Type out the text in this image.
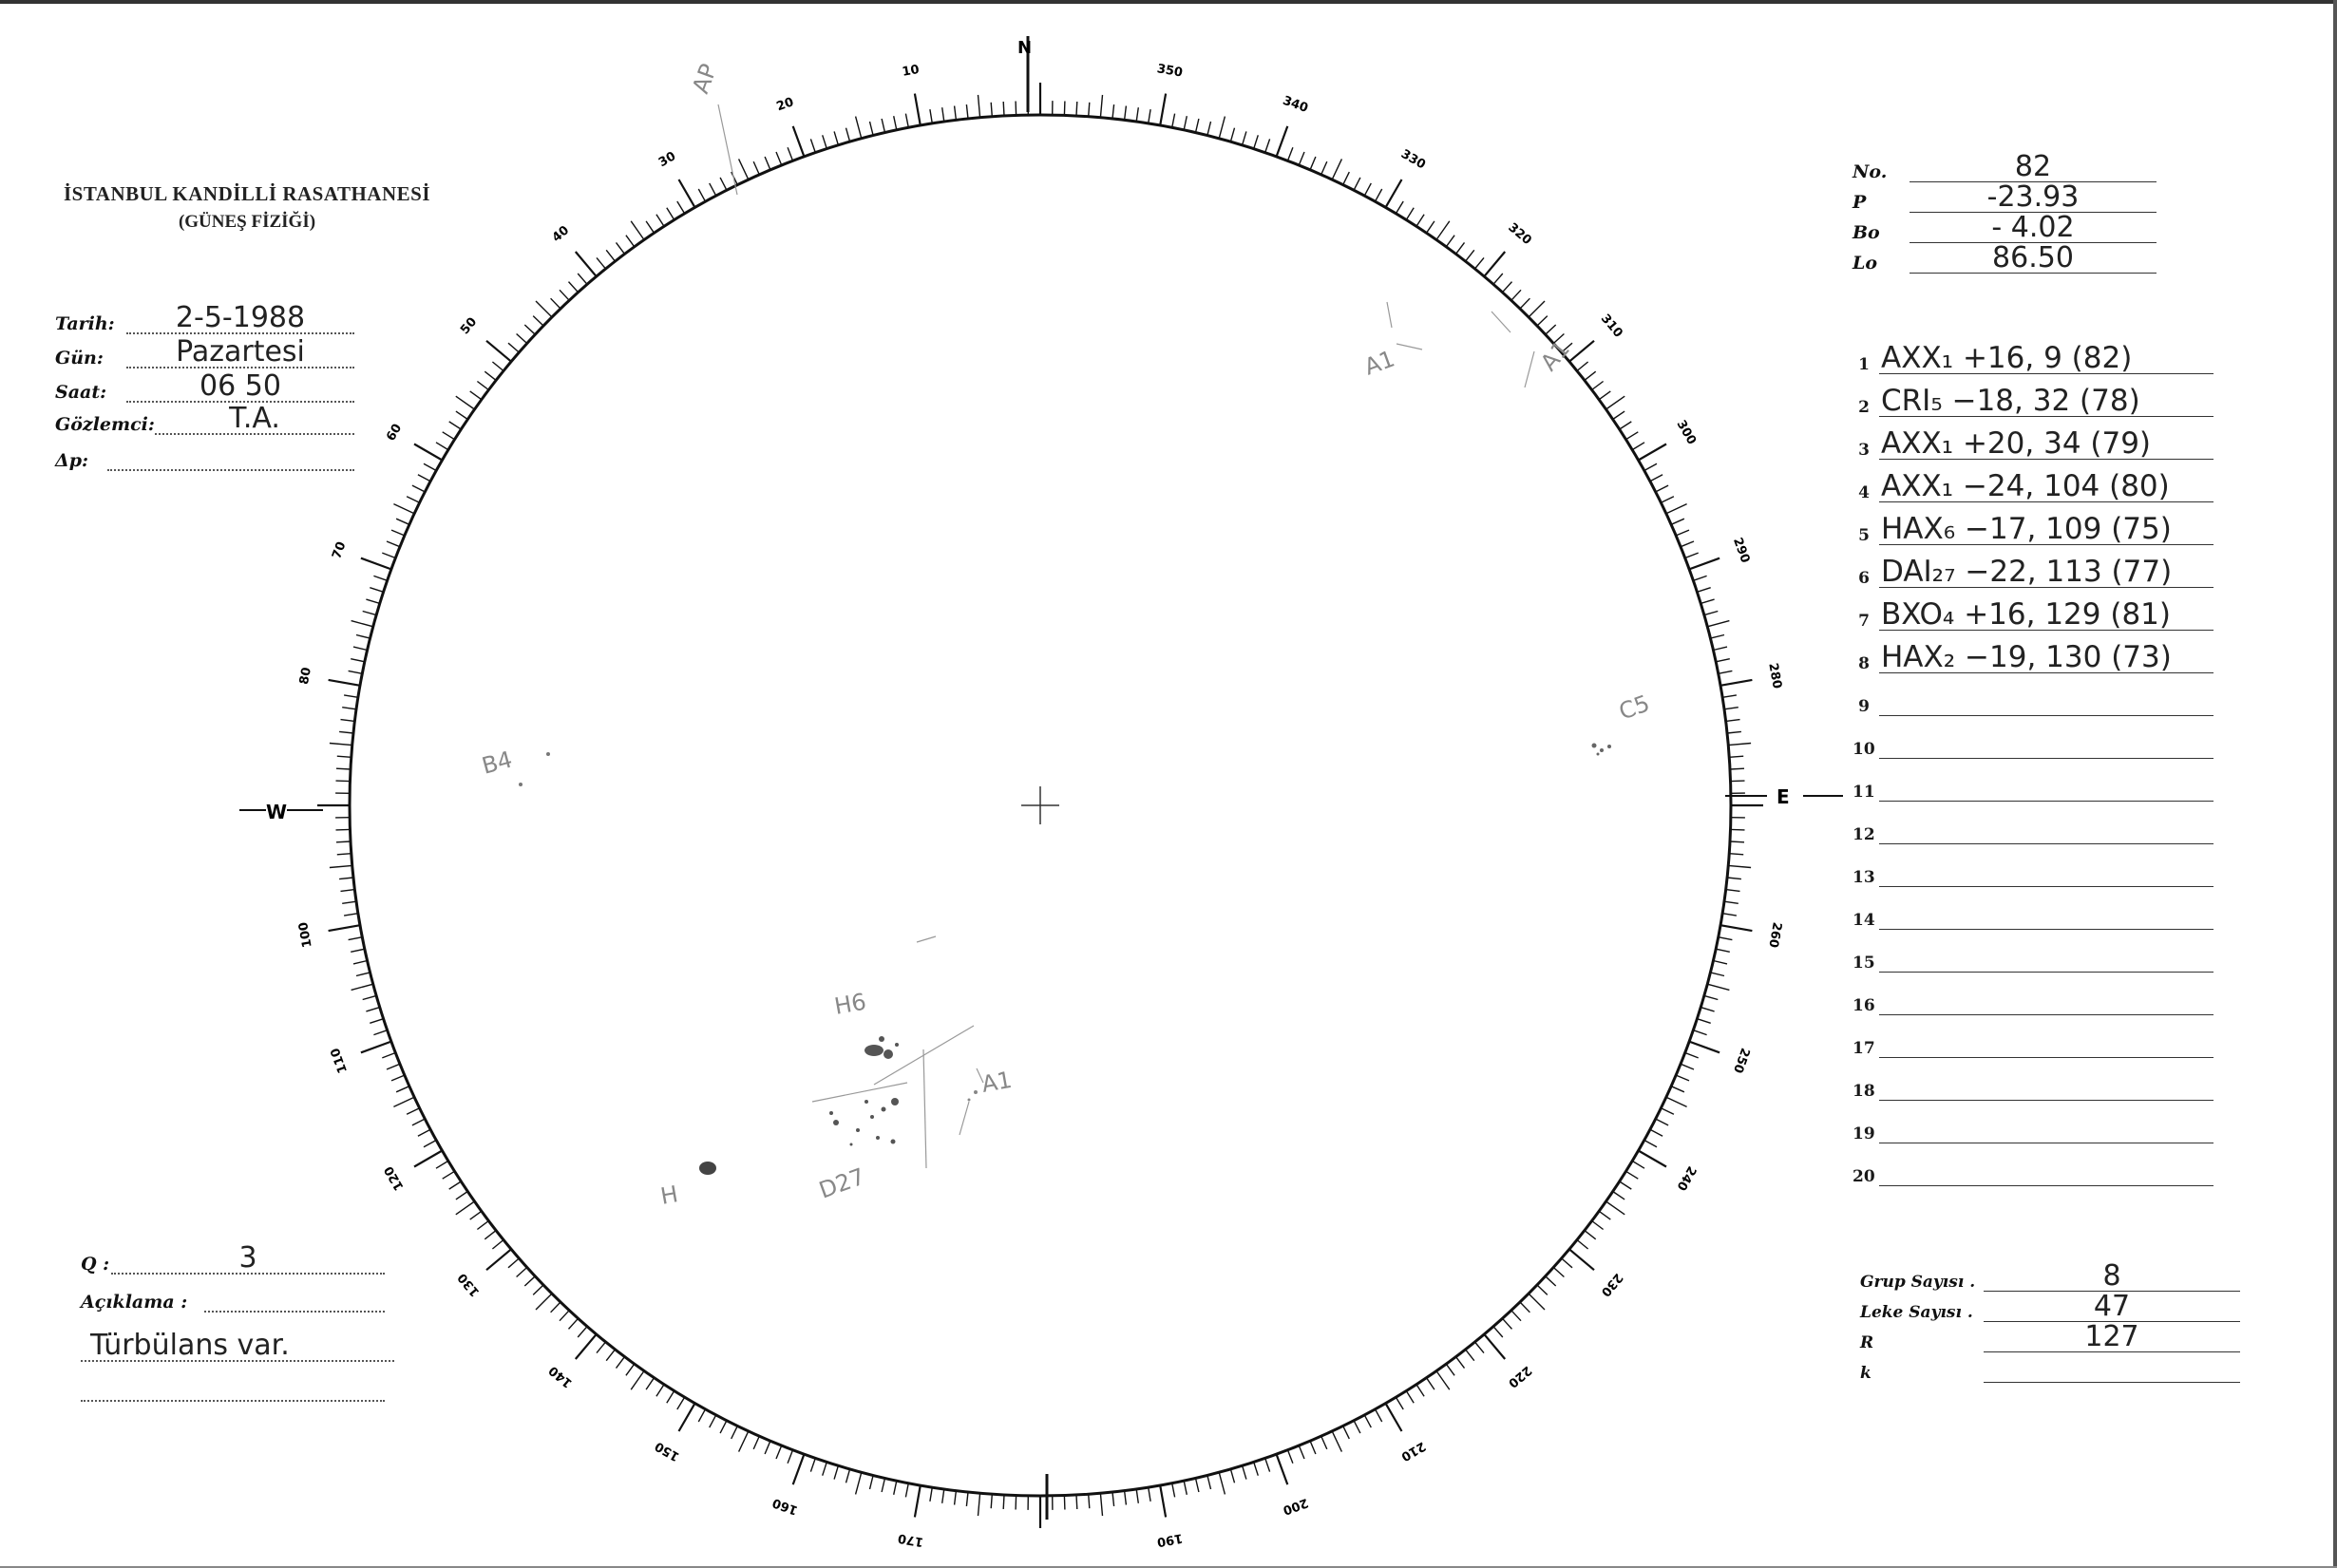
İSTANBUL KANDİLLİ RASATHANESİ
(GÜNEŞ FİZİĞİ)
Tarih:	2-5-1988
Gün:	Pazartesi
Saat:	06 50
Gözlemci:	T.A.
Δp:
No.	82
P	-23.93
Bo	- 4.02
Lo	86.50
1 AXX₁ +16, 9 (82)
2 CRI₅ −18, 32 (78)
3 AXX₁ +20, 34 (79)
4 AXX₁ −24, 104 (80)
5 HAX₆ −17, 109 (75)
6 DAI₂₇ −22, 113 (77)
7 BXO₄ +16, 129 (81)
8 HAX₂ −19, 130 (73)
9
10
11
12
13
14
15
16
17
18
19
20
Grup Sayısı .	8
Leke Sayısı .	47
R	127
k
Q :	3
Açıklama :
Türbülans var.
10
20
30
40
50
60
70
80
100
110
120
130
140
150
160
170	190
200
210
220
230
240
250
260
280
290
300
310
320
330
340
350
N
E
W
A1	A1
B4
C5
H6
A1
D27
H
AP
